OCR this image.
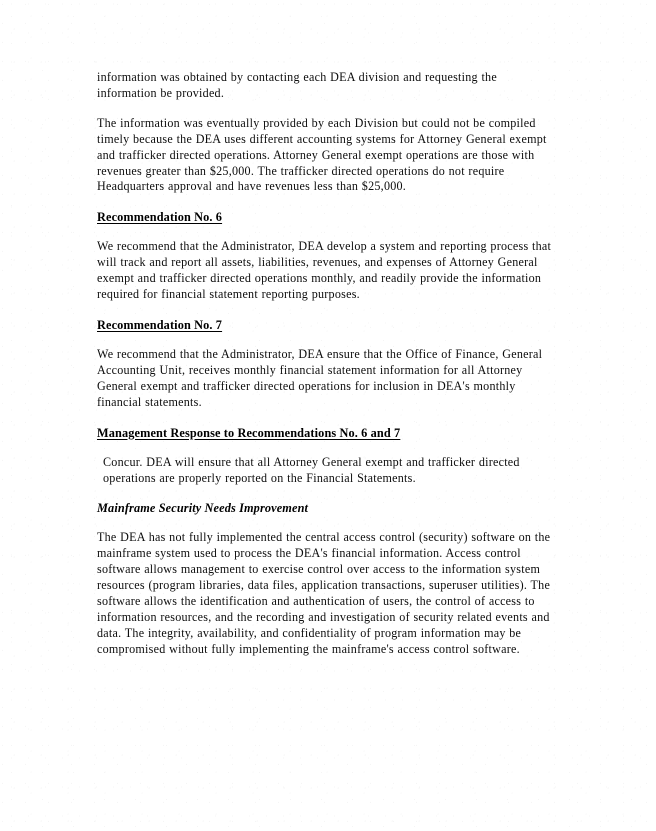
information was obtained by contacting each DEA division and requesting the information be provided.

The information was eventually provided by each Division but could not be compiled timely because the DEA uses different accounting systems for Attorney General exempt and trafficker directed operations. Attorney General exempt operations are those with revenues greater than $25,000. The trafficker directed operations do not require Headquarters approval and have revenues less than $25,000.

Recommendation No. 6

We recommend that the Administrator, DEA develop a system and reporting process that will track and report all assets, liabilities, revenues, and expenses of Attorney General exempt and trafficker directed operations monthly, and readily provide the information required for financial statement reporting purposes.

Recommendation No. 7

We recommend that the Administrator, DEA ensure that the Office of Finance, General Accounting Unit, receives monthly financial statement information for all Attorney General exempt and trafficker directed operations for inclusion in DEA's monthly financial statements.

Management Response to Recommendations No. 6 and 7

Concur. DEA will ensure that all Attorney General exempt and trafficker directed operations are properly reported on the Financial Statements.

Mainframe Security Needs Improvement

The DEA has not fully implemented the central access control (security) software on the mainframe system used to process the DEA's financial information. Access control software allows management to exercise control over access to the information system resources (program libraries, data files, application transactions, superuser utilities). The software allows the identification and authentication of users, the control of access to information resources, and the recording and investigation of security related events and data. The integrity, availability, and confidentiality of program information may be compromised without fully implementing the mainframe's access control software.
